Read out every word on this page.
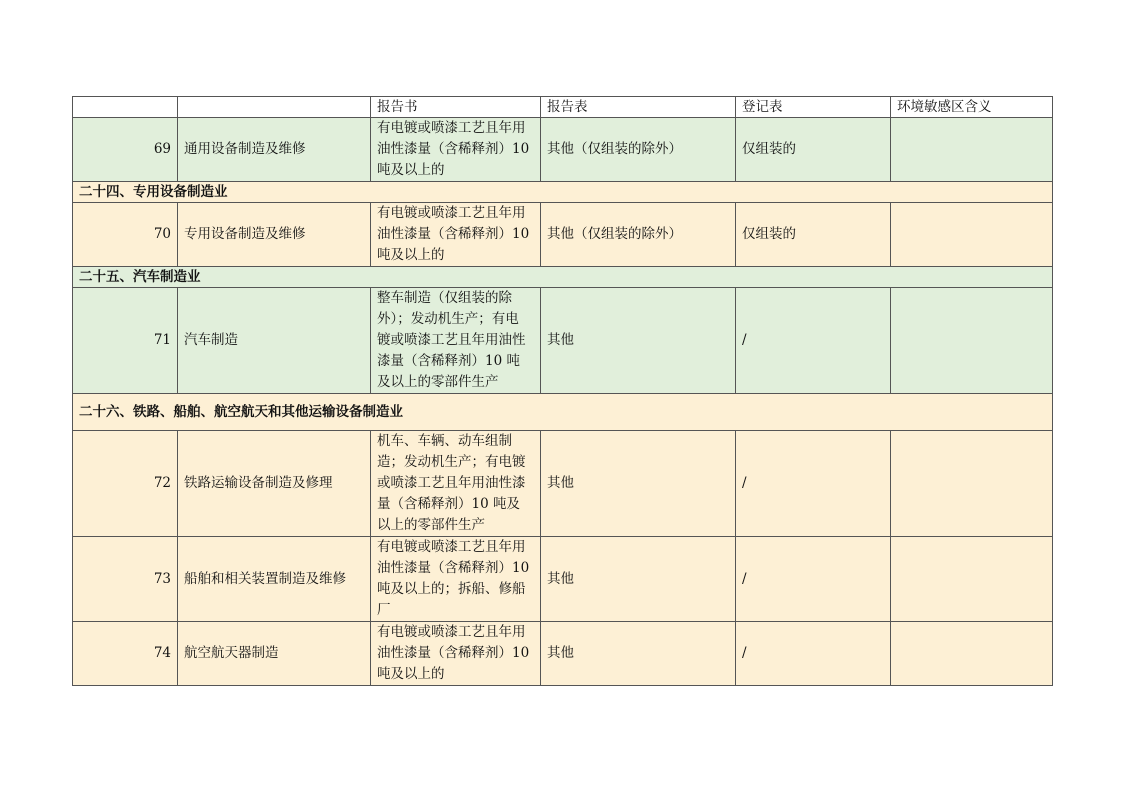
		报告书	报告表	登记表	环境敏感区含义
69	通用设备制造及维修	有电镀或喷漆工艺且年用
油性漆量（含稀释剂）10
吨及以上的	其他（仅组装的除外）	仅组装的	
二十四、专用设备制造业					
70	专用设备制造及维修	有电镀或喷漆工艺且年用
油性漆量（含稀释剂）10
吨及以上的	其他（仅组装的除外）	仅组装的	
二十五、汽车制造业					
71	汽车制造	整车制造（仅组装的除
外）；发动机生产；有电
镀或喷漆工艺且年用油性
漆量（含稀释剂）10 吨
及以上的零部件生产	其他	/	
二十六、铁路、船舶、航空航天和其他运输设备制造业					
72	铁路运输设备制造及修理	机车、车辆、动车组制
造；发动机生产；有电镀
或喷漆工艺且年用油性漆
量（含稀释剂）10 吨及
以上的零部件生产	其他	/	
73	船舶和相关装置制造及维修	有电镀或喷漆工艺且年用
油性漆量（含稀释剂）10
吨及以上的；拆船、修船
厂	其他	/	
74	航空航天器制造	有电镀或喷漆工艺且年用
油性漆量（含稀释剂）10
吨及以上的	其他	/	
